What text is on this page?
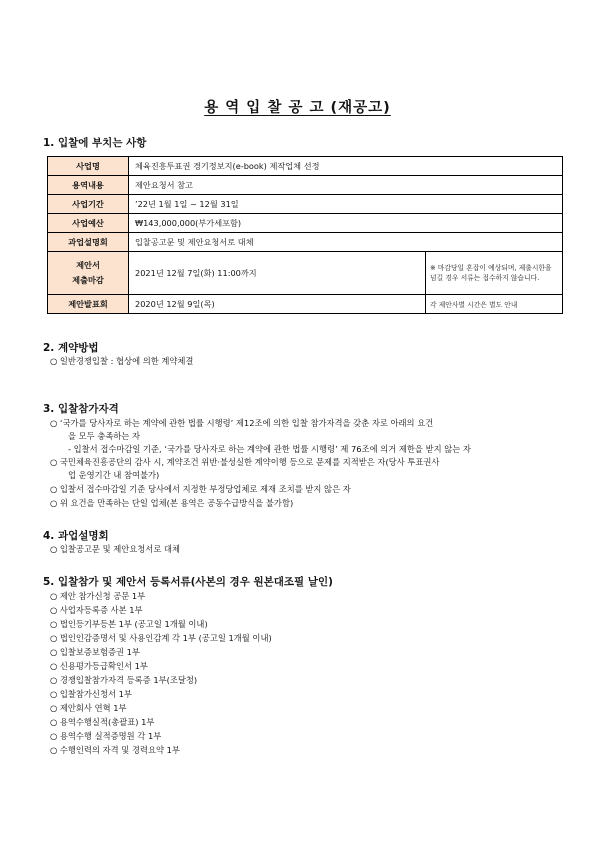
용 역 입 찰 공 고 (재공고)
1. 입찰에 부치는 사항
사업명	체육진흥투표권 경기정보지(e-book) 제작업체 선정	
용역내용	제안요청서 참고	
사업기간	’22년 1월 1일 ~ 12월 31일	
사업예산	₩143,000,000(부가세포함)	
과업설명회	입찰공고문 및 제안요청서로 대체	

제안서
제출마감	2021년 12월 7일(화) 11:00까지	※ 마감당일 혼잡이 예상되며, 제출시한을 넘길 경우 서류는 접수하지 않습니다.
제안발표회	2020년 12월 9일(목)	각 제안사별 시간은 별도 안내
2. 계약방법
○ 일반경쟁입찰 : 협상에 의한 계약체결
3. 입찰참가자격
○ ‘국가를 당사자로 하는 계약에 관한 법률 시행령’ 제12조에 의한 입찰 참가자격을 갖춘 자로 아래의 요건
을 모두 충족하는 자
- 입찰서 접수마감일 기준, ‘국가를 당사자로 하는 계약에 관한 법률 시행령’ 제 76조에 의거 제한을 받지 않는 자
○ 국민체육진흥공단의 감사 시, 계약조건 위반·불성실한 계약이행 등으로 문제를 지적받은 자(당사 투표권사
업 운영기간 내 참여불가)
○ 입찰서 접수마감일 기준 당사에서 지정한 부정당업체로 제재 조치를 받지 않은 자
○ 위 요건을 만족하는 단일 업체(본 용역은 공동수급방식을 불가함)
4. 과업설명회
○ 입찰공고문 및 제안요청서로 대체
5. 입찰참가 및 제안서 등록서류(사본의 경우 원본대조필 날인)
○ 제안 참가신청 공문 1부
○ 사업자등록증 사본 1부
○ 법인등기부등본 1부 (공고일 1개월 이내)
○ 법인인감증명서 및 사용인감계 각 1부 (공고일 1개월 이내)
○ 입찰보증보험증권 1부
○ 신용평가등급확인서 1부
○ 경쟁입찰참가자격 등록증 1부(조달청)
○ 입찰참가신청서 1부
○ 제안회사 연혁 1부
○ 용역수행실적(총괄표) 1부
○ 용역수행 실적증명원 각 1부
○ 수행인력의 자격 및 경력요약 1부
